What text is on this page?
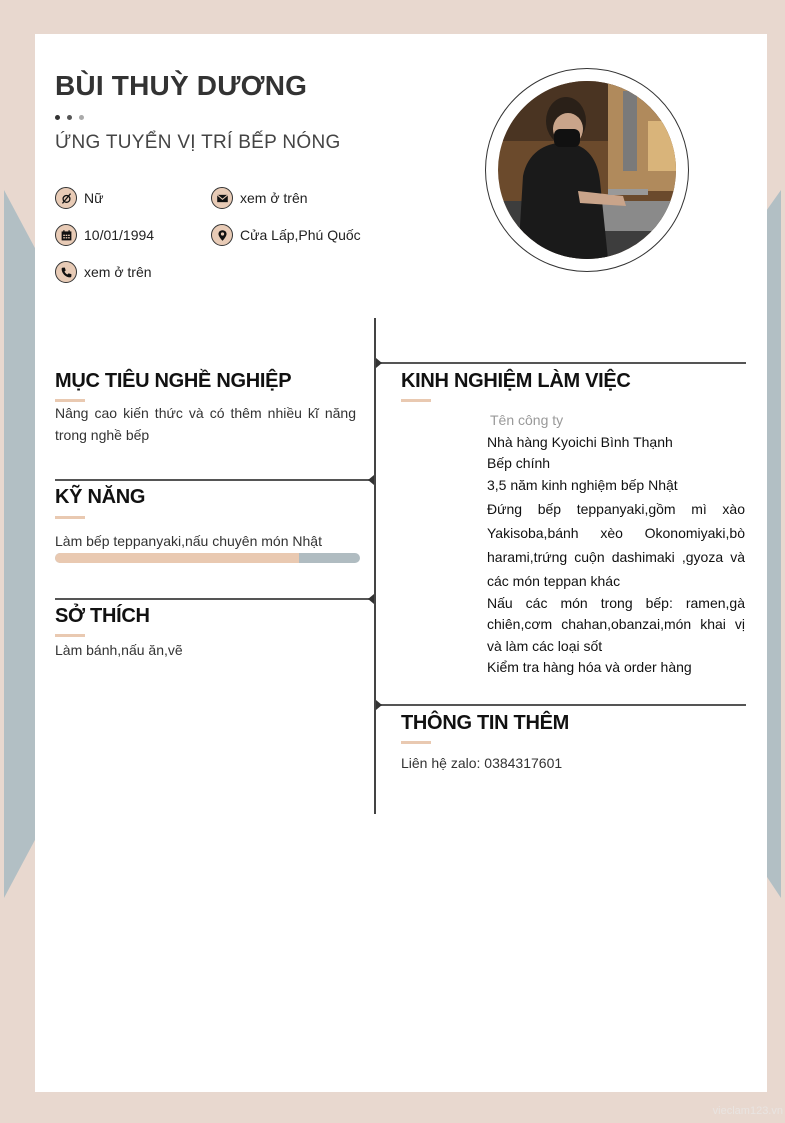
BÙI THUỲ DƯƠNG
ỨNG TUYỂN VỊ TRÍ BẾP NÓNG
Nữ	xem ở trên
10/01/1994	Cửa Lấp,Phú Quốc
xem ở trên
KINH NGHIỆM LÀM VIỆC
Tên công ty
Nhà hàng Kyoichi Bình Thạnh
Bếp chính
3,5 năm kinh nghiệm bếp Nhật
Đứng bếp teppanyaki,gồm mì xào Yakisoba,bánh xèo Okonomiyaki,bò harami,trứng cuộn dashimaki ,gyoza và các món teppan khác
Nấu các món trong bếp: ramen,gà chiên,cơm chahan,obanzai,món khai vị và làm các loại sốt
Kiểm tra hàng hóa và order hàng
THÔNG TIN THÊM
Liên hệ zalo: 0384317601
MỤC TIÊU NGHỀ NGHIỆP
Nâng cao kiến thức và có thêm nhiều kĩ năng trong nghề bếp
KỸ NĂNG
Làm bếp teppanyaki,nấu chuyên món Nhật
SỞ THÍCH
Làm bánh,nấu ăn,vẽ
vieclam123.vn
